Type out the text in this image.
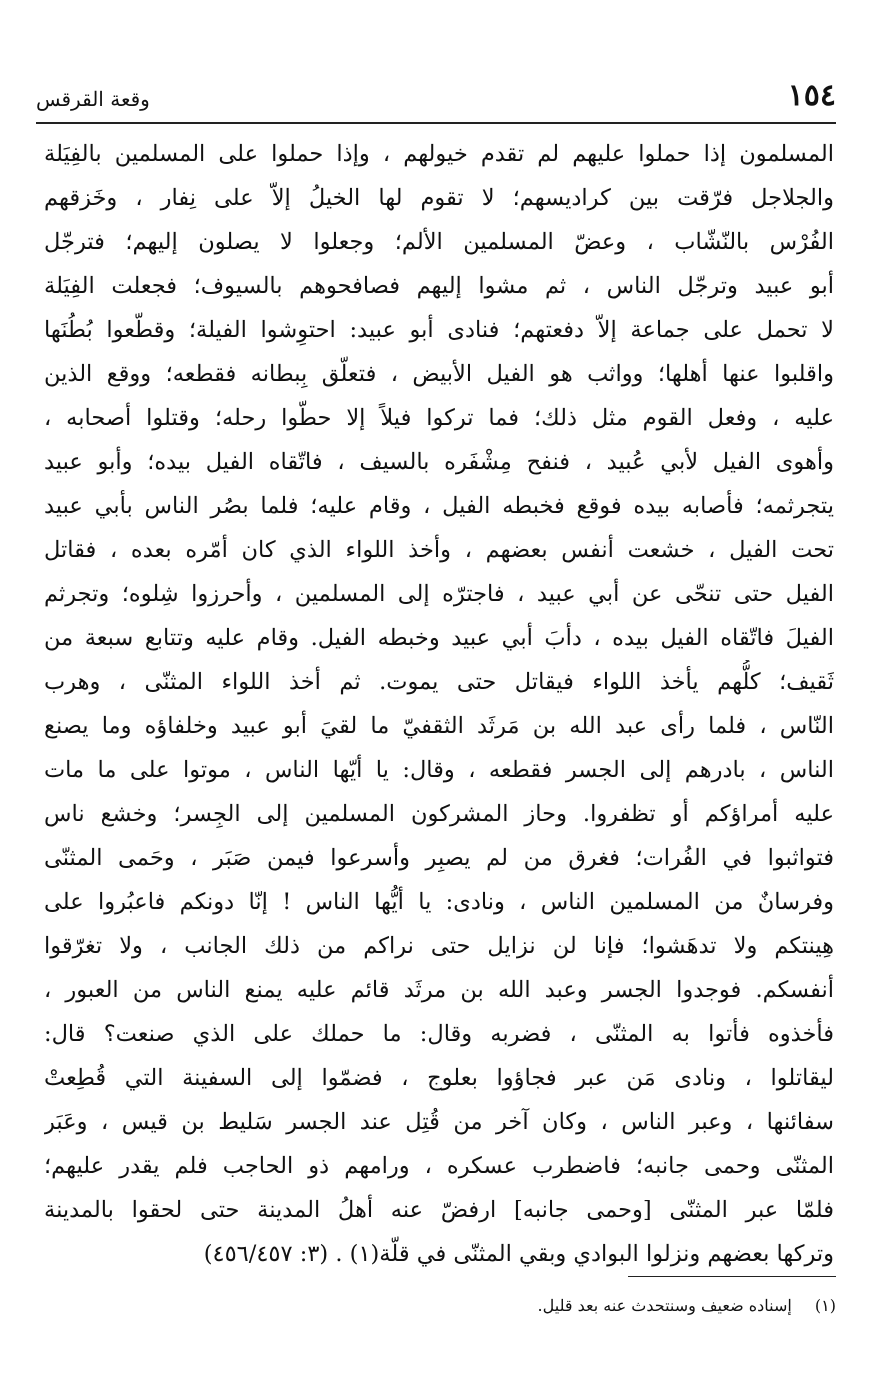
١٥٤
وقعة القرقس
المسلمون إذا حملوا عليهم لم تقدم خيولهم ، وإذا حملوا على المسلمين بالفِيَلة
والجلاجل فرّقت بين كراديسهم؛ لا تقوم لها الخيلُ إلاّ على نِفار ، وخَزقهم
الفُرْس بالنّشّاب ، وعضّ المسلمين الألم؛ وجعلوا لا يصلون إليهم؛ فترجّل
أبو عبيد وترجّل الناس ، ثم مشوا إليهم فصافحوهم بالسيوف؛ فجعلت الفِيَلة
لا تحمل على جماعة إلاّ دفعتهم؛ فنادى أبو عبيد: احتوِشوا الفيلة؛ وقطّعوا بُطُنَها
واقلبوا عنها أهلها؛ وواثب هو الفيل الأبيض ، فتعلّق بِبطانه فقطعه؛ ووقع الذين
عليه ، وفعل القوم مثل ذلك؛ فما تركوا فيلاً إلا حطّوا رحله؛ وقتلوا أصحابه ،
وأهوى الفيل لأبي عُبيد ، فنفح مِشْفَره بالسيف ، فاتّقاه الفيل بيده؛ وأبو عبيد
يتجرثمه؛ فأصابه بيده فوقع فخبطه الفيل ، وقام عليه؛ فلما بصُر الناس بأبي عبيد
تحت الفيل ، خشعت أنفس بعضهم ، وأخذ اللواء الذي كان أمّره بعده ، فقاتل
الفيل حتى تنحّى عن أبي عبيد ، فاجترّه إلى المسلمين ، وأحرزوا شِلوه؛ وتجرثم
الفيلَ فاتّقاه الفيل بيده ، دأبَ أبي عبيد وخبطه الفيل. وقام عليه وتتابع سبعة من
ثَقيف؛ كلُّهم يأخذ اللواء فيقاتل حتى يموت. ثم أخذ اللواء المثنّى ، وهرب
النّاس ، فلما رأى عبد الله بن مَرثَد الثقفيّ ما لقيَ أبو عبيد وخلفاؤه وما يصنع
الناس ، بادرهم إلى الجسر فقطعه ، وقال: يا أيّها الناس ، موتوا على ما مات
عليه أمراؤكم أو تظفروا. وحاز المشركون المسلمين إلى الجِسر؛ وخشع ناس
فتواثبوا في الفُرات؛ فغرق من لم يصبِر وأسرعوا فيمن صَبَر ، وحَمى المثنّى
وفرسانٌ من المسلمين الناس ، ونادى: يا أيُّها الناس ! إنّا دونكم فاعبُروا على
هِينتكم ولا تدهَشوا؛ فإنا لن نزايل حتى نراكم من ذلك الجانب ، ولا تغرّقوا
أنفسكم. فوجدوا الجسر وعبد الله بن مرثَد قائم عليه يمنع الناس من العبور ،
فأخذوه فأتوا به المثنّى ، فضربه وقال: ما حملك على الذي صنعت؟ قال:
ليقاتلوا ، ونادى مَن عبر فجاؤوا بعلوج ، فضمّوا إلى السفينة التي قُطِعتْ
سفائنها ، وعبر الناس ، وكان آخر من قُتِل عند الجسر سَليط بن قيس ، وعَبَر
المثنّى وحمى جانبه؛ فاضطرب عسكره ، ورامهم ذو الحاجب فلم يقدر عليهم؛
فلمّا عبر المثنّى [وحمى جانبه] ارفضّ عنه أهلُ المدينة حتى لحقوا بالمدينة
وتركها بعضهم ونزلوا البوادي وبقي المثنّى في قلّة(١) . (٣: ٤٥٦/٤٥٧)
(١) إسناده ضعيف وسنتحدث عنه بعد قليل.
